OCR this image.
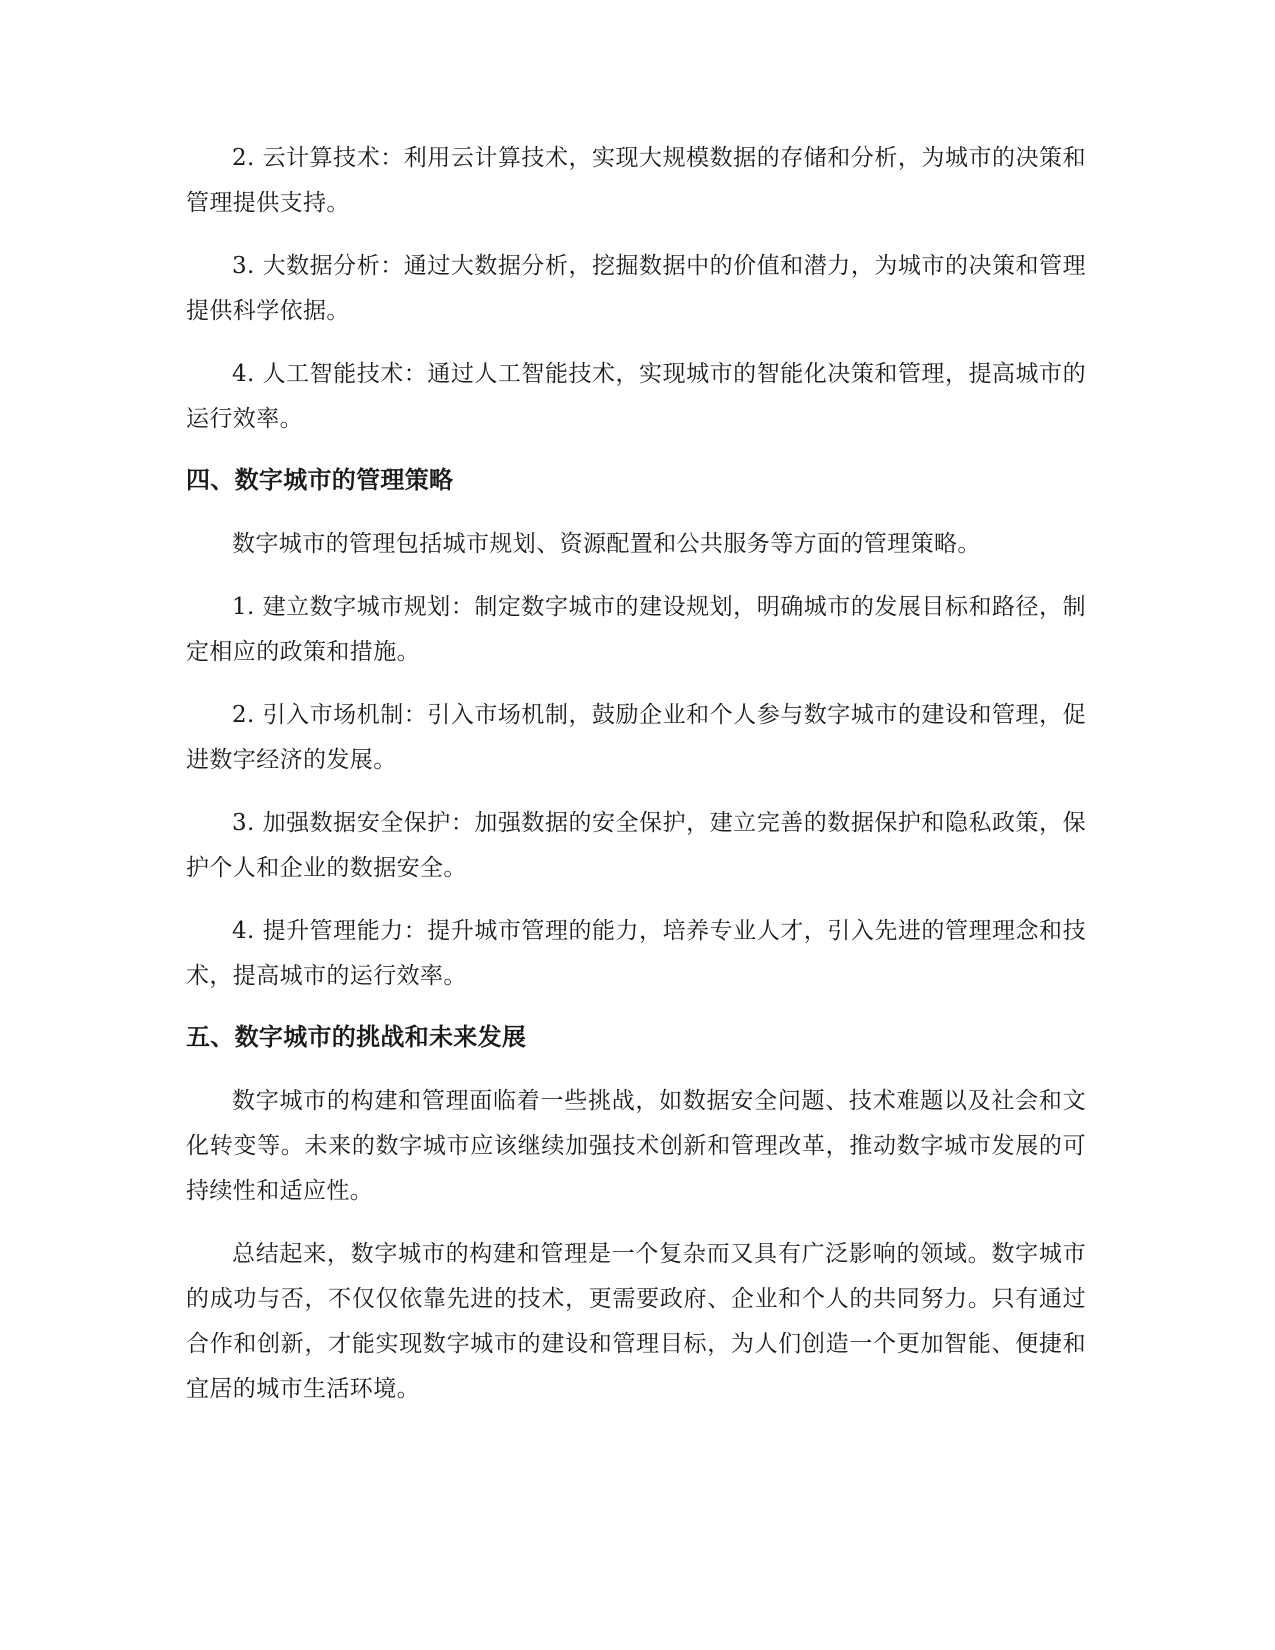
2. 云计算技术：利用云计算技术，实现大规模数据的存储和分析，为城市的决策和管理提供支持。

3. 大数据分析：通过大数据分析，挖掘数据中的价值和潜力，为城市的决策和管理提供科学依据。

4. 人工智能技术：通过人工智能技术，实现城市的智能化决策和管理，提高城市的运行效率。

四、数字城市的管理策略

数字城市的管理包括城市规划、资源配置和公共服务等方面的管理策略。

1. 建立数字城市规划：制定数字城市的建设规划，明确城市的发展目标和路径，制定相应的政策和措施。

2. 引入市场机制：引入市场机制，鼓励企业和个人参与数字城市的建设和管理，促进数字经济的发展。

3. 加强数据安全保护：加强数据的安全保护，建立完善的数据保护和隐私政策，保护个人和企业的数据安全。

4. 提升管理能力：提升城市管理的能力，培养专业人才，引入先进的管理理念和技术，提高城市的运行效率。

五、数字城市的挑战和未来发展

数字城市的构建和管理面临着一些挑战，如数据安全问题、技术难题以及社会和文化转变等。未来的数字城市应该继续加强技术创新和管理改革，推动数字城市发展的可持续性和适应性。

总结起来，数字城市的构建和管理是一个复杂而又具有广泛影响的领域。数字城市的成功与否，不仅仅依靠先进的技术，更需要政府、企业和个人的共同努力。只有通过合作和创新，才能实现数字城市的建设和管理目标，为人们创造一个更加智能、便捷和宜居的城市生活环境。
